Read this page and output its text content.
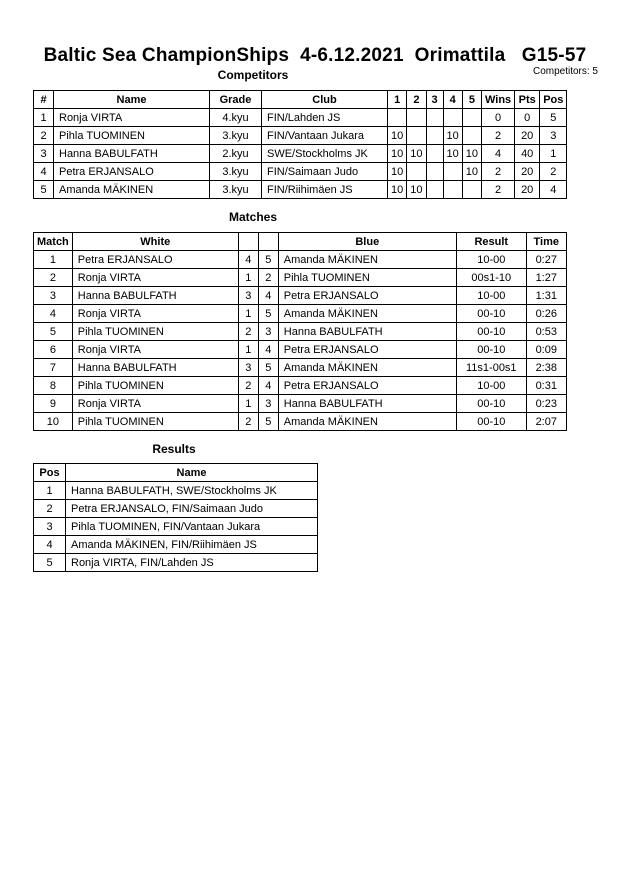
Baltic Sea ChampionShips  4-6.12.2021  Orimattila   G15-57
Competitors	Competitors: 5
#	Name	Grade	Club	1	2	3	4	5	Wins	Pts	Pos
1	Ronja VIRTA	4.kyu	FIN/Lahden JS						0	0	5
2	Pihla TUOMINEN	3.kyu	FIN/Vantaan Jukara	10			10		2	20	3
3	Hanna BABULFATH	2.kyu	SWE/Stockholms JK	10	10		10	10	4	40	1
4	Petra ERJANSALO	3.kyu	FIN/Saimaan Judo	10				10	2	20	2
5	Amanda MÄKINEN	3.kyu	FIN/Riihimäen JS	10	10				2	20	4
Matches
Match	White			Blue	Result	Time
1	Petra ERJANSALO	4	5	Amanda MÄKINEN	10-00	0:27
2	Ronja VIRTA	1	2	Pihla TUOMINEN	00s1-10	1:27
3	Hanna BABULFATH	3	4	Petra ERJANSALO	10-00	1:31
4	Ronja VIRTA	1	5	Amanda MÄKINEN	00-10	0:26
5	Pihla TUOMINEN	2	3	Hanna BABULFATH	00-10	0:53
6	Ronja VIRTA	1	4	Petra ERJANSALO	00-10	0:09
7	Hanna BABULFATH	3	5	Amanda MÄKINEN	11s1-00s1	2:38
8	Pihla TUOMINEN	2	4	Petra ERJANSALO	10-00	0:31
9	Ronja VIRTA	1	3	Hanna BABULFATH	00-10	0:23
10	Pihla TUOMINEN	2	5	Amanda MÄKINEN	00-10	2:07
Results
Pos	Name
1	Hanna BABULFATH, SWE/Stockholms JK
2	Petra ERJANSALO, FIN/Saimaan Judo
3	Pihla TUOMINEN, FIN/Vantaan Jukara
4	Amanda MÄKINEN, FIN/Riihimäen JS
5	Ronja VIRTA, FIN/Lahden JS
